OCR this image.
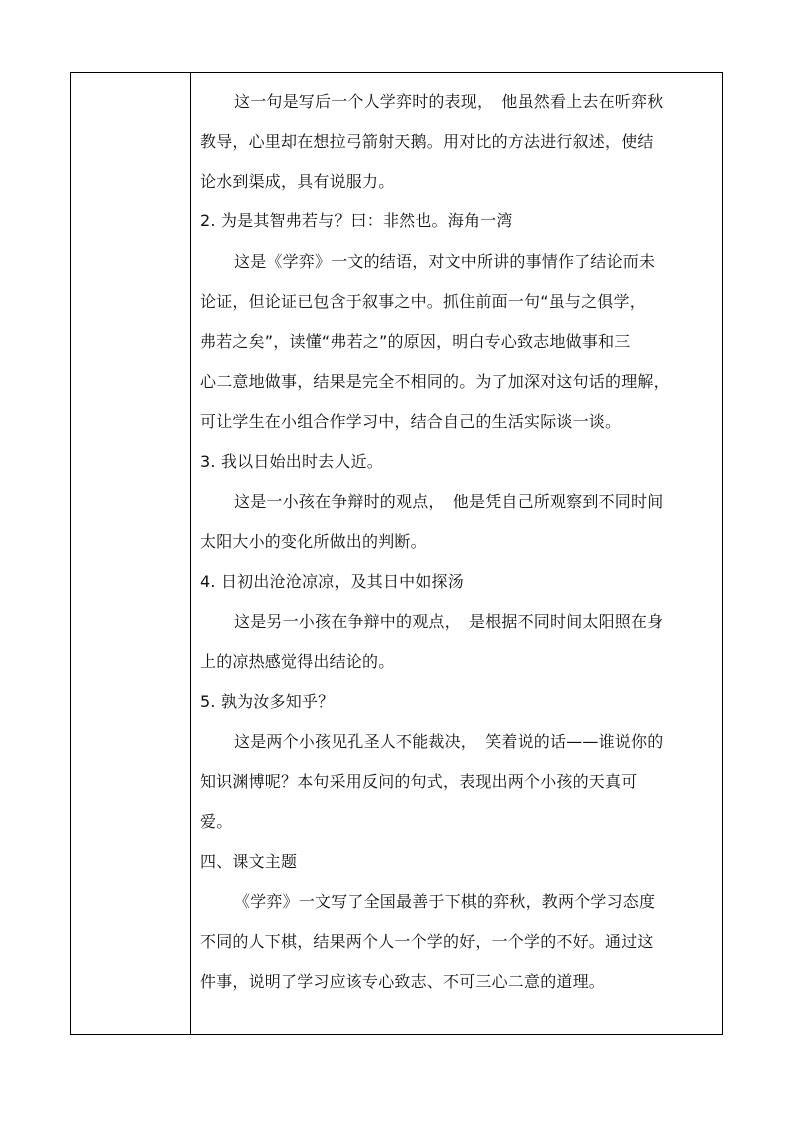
这一句是写后一个人学弈时的表现，　他虽然看上去在听弈秋
教导，心里却在想拉弓箭射天鹅。用对比的方法进行叙述，使结
论水到渠成，具有说服力。
2. 为是其智弗若与？曰：非然也。海角一湾
这是《学弈》一文的结语，对文中所讲的事情作了结论而未
论证，但论证已包含于叙事之中。抓住前面一句“虽与之俱学，
弗若之矣”，读懂“弗若之”的原因，明白专心致志地做事和三
心二意地做事，结果是完全不相同的。为了加深对这句话的理解，
可让学生在小组合作学习中，结合自己的生活实际谈一谈。
3. 我以日始出时去人近。
这是一小孩在争辩时的观点，　他是凭自己所观察到不同时间
太阳大小的变化所做出的判断。
4. 日初出沧沧凉凉，及其日中如探汤
这是另一小孩在争辩中的观点，　是根据不同时间太阳照在身
上的凉热感觉得出结论的。
5. 孰为汝多知乎？
这是两个小孩见孔圣人不能裁决，　笑着说的话——谁说你的
知识渊博呢？本句采用反问的句式，表现出两个小孩的天真可
爱。
四、课文主题
《学弈》一文写了全国最善于下棋的弈秋，教两个学习态度
不同的人下棋，结果两个人一个学的好，一个学的不好。通过这
件事，说明了学习应该专心致志、不可三心二意的道理。
